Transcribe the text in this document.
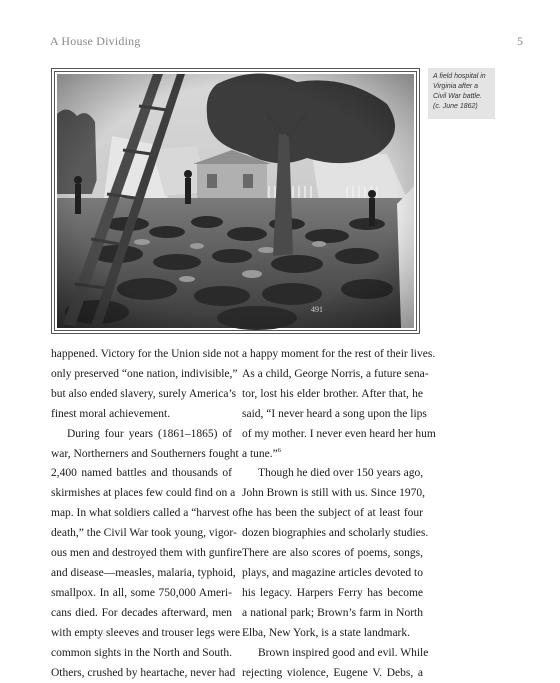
A House Dividing	5
A field hospital in
Virginia after a
Civil War battle.
(c. June 1862)

happened. Victory for the Union side not
only preserved “one nation, indivisible,”
but also ended slavery, surely America’s
finest moral achievement.

During four years (1861–1865) of
war, Northerners and Southerners fought
2,400 named battles and thousands of
skirmishes at places few could find on a
map. In what soldiers called a “harvest of
death,” the Civil War took young, vigor-
ous men and destroyed them with gunfire
and disease—measles, malaria, typhoid,
smallpox. In all, some 750,000 Ameri-
cans died. For decades afterward, men
with empty sleeves and trouser legs were
common sights in the North and South.
Others, crushed by heartache, never had

a happy moment for the rest of their lives.
As a child, George Norris, a future sena-
tor, lost his elder brother. After that, he
said, “I never heard a song upon the lips
of my mother. I never even heard her hum
a tune.”$^6$

Though he died over 150 years ago,
John Brown is still with us. Since 1970,
he has been the subject of at least four
dozen biographies and scholarly studies.
There are also scores of poems, songs,
plays, and magazine articles devoted to
his legacy. Harpers Ferry has become
a national park; Brown’s farm in North
Elba, New York, is a state landmark.

Brown inspired good and evil. While
rejecting violence, Eugene V. Debs, a
